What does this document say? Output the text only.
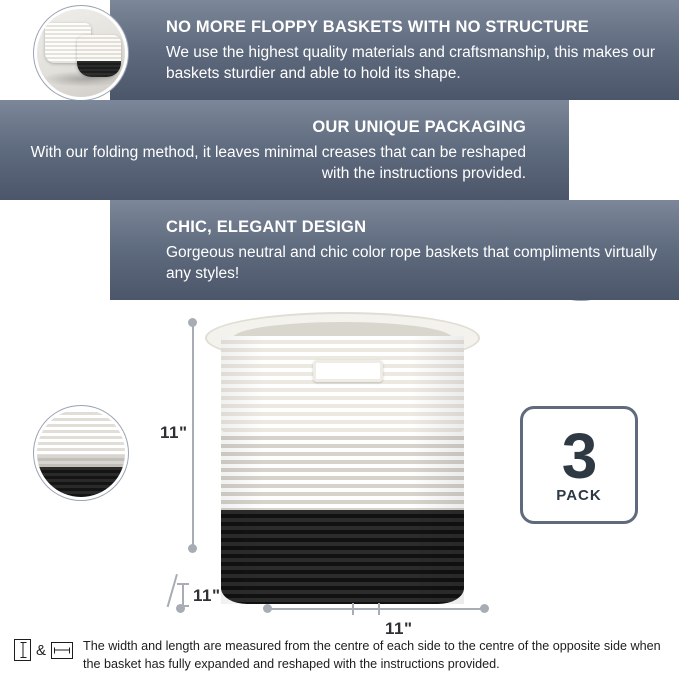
NO MORE FLOPPY BASKETS WITH NO STRUCTURE
We use the highest quality materials and craftsmanship, this makes our baskets sturdier and able to hold its shape.
OUR UNIQUE PACKAGING
With our folding method, it leaves minimal creases that can be reshaped with the instructions provided.
CHIC, ELEGANT DESIGN
Gorgeous neutral and chic color rope baskets that compliments virtually any styles!
11"
11"
11"
3
PACK
&	The width and length are measured from the centre of each side to the centre of the opposite side when the basket has fully expanded and reshaped with the instructions provided.
